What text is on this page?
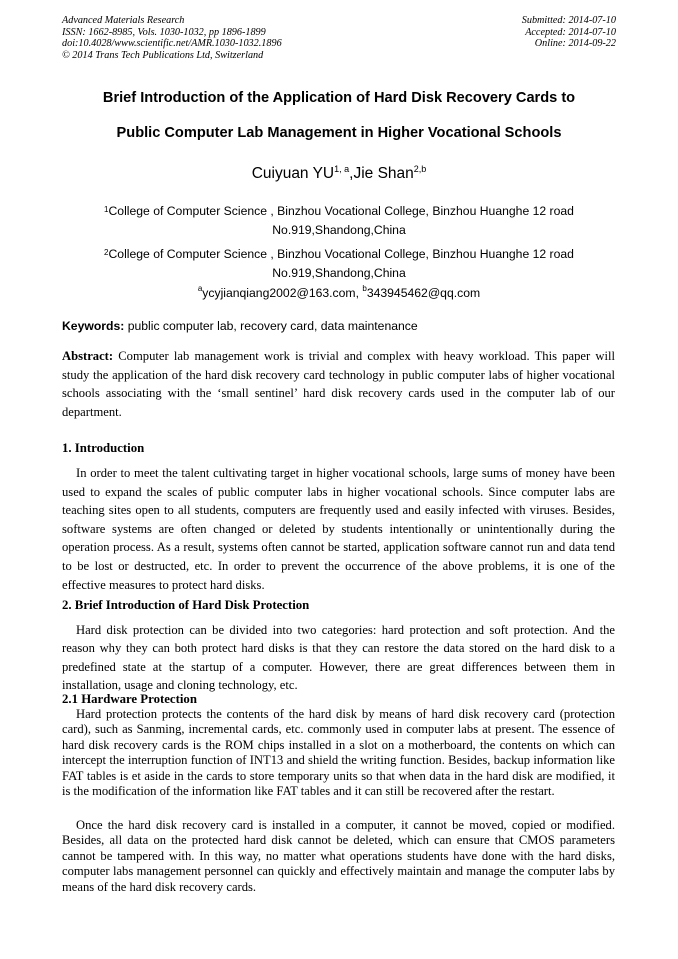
Advanced Materials Research
ISSN: 1662-8985, Vols. 1030-1032, pp 1896-1899
doi:10.4028/www.scientific.net/AMR.1030-1032.1896
© 2014 Trans Tech Publications Ltd, Switzerland
Submitted: 2014-07-10
Accepted: 2014-07-10
Online: 2014-09-22
Brief Introduction of the Application of Hard Disk Recovery Cards to
Public Computer Lab Management in Higher Vocational Schools
Cuiyuan YU$^{1, a}$,Jie Shan$^{2,b}$
$^1$College of Computer Science , Binzhou Vocational College, Binzhou Huanghe 12 road No.919,Shandong,China
$^2$College of Computer Science , Binzhou Vocational College, Binzhou Huanghe 12 road No.919,Shandong,China
$^a$ycyjianqiang2002@163.com, $^b$343945462@qq.com
Keywords: public computer lab, recovery card, data maintenance
Abstract: Computer lab management work is trivial and complex with heavy workload. This paper will study the application of the hard disk recovery card technology in public computer labs of higher vocational schools associating with the ‘small sentinel’ hard disk recovery cards used in the computer lab of our department.
1. Introduction
In order to meet the talent cultivating target in higher vocational schools, large sums of money have been used to expand the scales of public computer labs in higher vocational schools. Since computer labs are teaching sites open to all students, computers are frequently used and easily infected with viruses. Besides, software systems are often changed or deleted by students intentionally or unintentionally during the operation process. As a result, systems often cannot be started, application software cannot run and data tend to be lost or destructed, etc. In order to prevent the occurrence of the above problems, it is one of the effective measures to protect hard disks.
2. Brief Introduction of Hard Disk Protection
Hard disk protection can be divided into two categories: hard protection and soft protection. And the reason why they can both protect hard disks is that they can restore the data stored on the hard disk to a predefined state at the startup of a computer. However, there are great differences between them in installation, usage and cloning technology, etc.
2.1 Hardware Protection
Hard protection protects the contents of the hard disk by means of hard disk recovery card (protection card), such as Sanming, incremental cards, etc. commonly used in computer labs at present. The essence of hard disk recovery cards is the ROM chips installed in a slot on a motherboard, the contents on which can intercept the interruption function of INT13 and shield the writing function. Besides, backup information like FAT tables is et aside in the cards to store temporary units so that when data in the hard disk are modified, it is the modification of the information like FAT tables and it can still be recovered after the restart.
Once the hard disk recovery card is installed in a computer, it cannot be moved, copied or modified. Besides, all data on the protected hard disk cannot be deleted, which can ensure that CMOS parameters cannot be tampered with. In this way, no matter what operations students have done with the hard disks, computer labs management personnel can quickly and effectively maintain and manage the computer labs by means of the hard disk recovery cards.
